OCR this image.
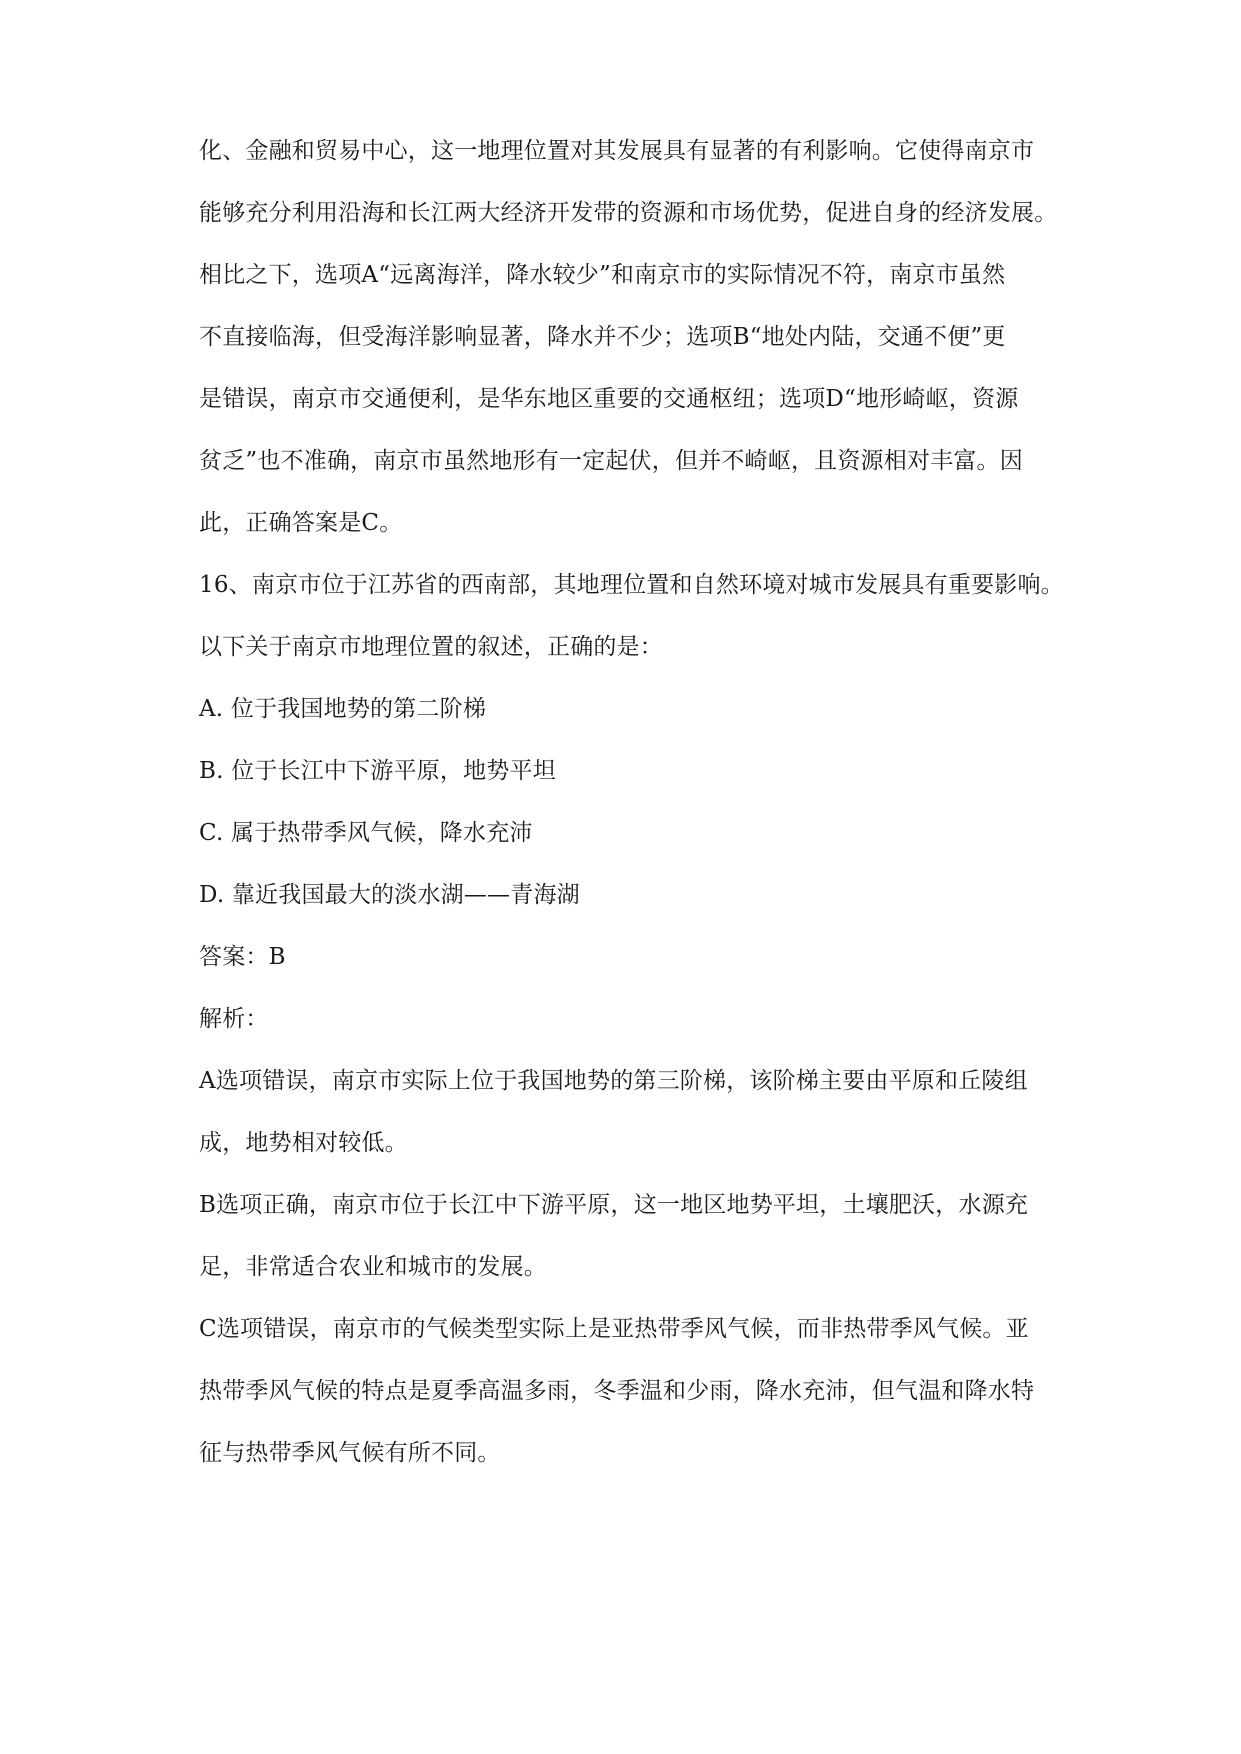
化、金融和贸易中心，这一地理位置对其发展具有显著的有利影响。它使得南京市
能够充分利用沿海和长江两大经济开发带的资源和市场优势，促进自身的经济发展。
相比之下，选项A“远离海洋，降水较少”和南京市的实际情况不符，南京市虽然
不直接临海，但受海洋影响显著，降水并不少；选项B“地处内陆，交通不便”更
是错误，南京市交通便利，是华东地区重要的交通枢纽；选项D“地形崎岖，资源
贫乏”也不准确，南京市虽然地形有一定起伏，但并不崎岖，且资源相对丰富。因
此，正确答案是C。
16、南京市位于江苏省的西南部，其地理位置和自然环境对城市发展具有重要影响。
以下关于南京市地理位置的叙述，正确的是：
A. 位于我国地势的第二阶梯
B. 位于长江中下游平原，地势平坦
C. 属于热带季风气候，降水充沛
D. 靠近我国最大的淡水湖——青海湖
答案：B
解析：
A选项错误，南京市实际上位于我国地势的第三阶梯，该阶梯主要由平原和丘陵组
成，地势相对较低。
B选项正确，南京市位于长江中下游平原，这一地区地势平坦，土壤肥沃，水源充
足，非常适合农业和城市的发展。
C选项错误，南京市的气候类型实际上是亚热带季风气候，而非热带季风气候。亚
热带季风气候的特点是夏季高温多雨，冬季温和少雨，降水充沛，但气温和降水特
征与热带季风气候有所不同。
